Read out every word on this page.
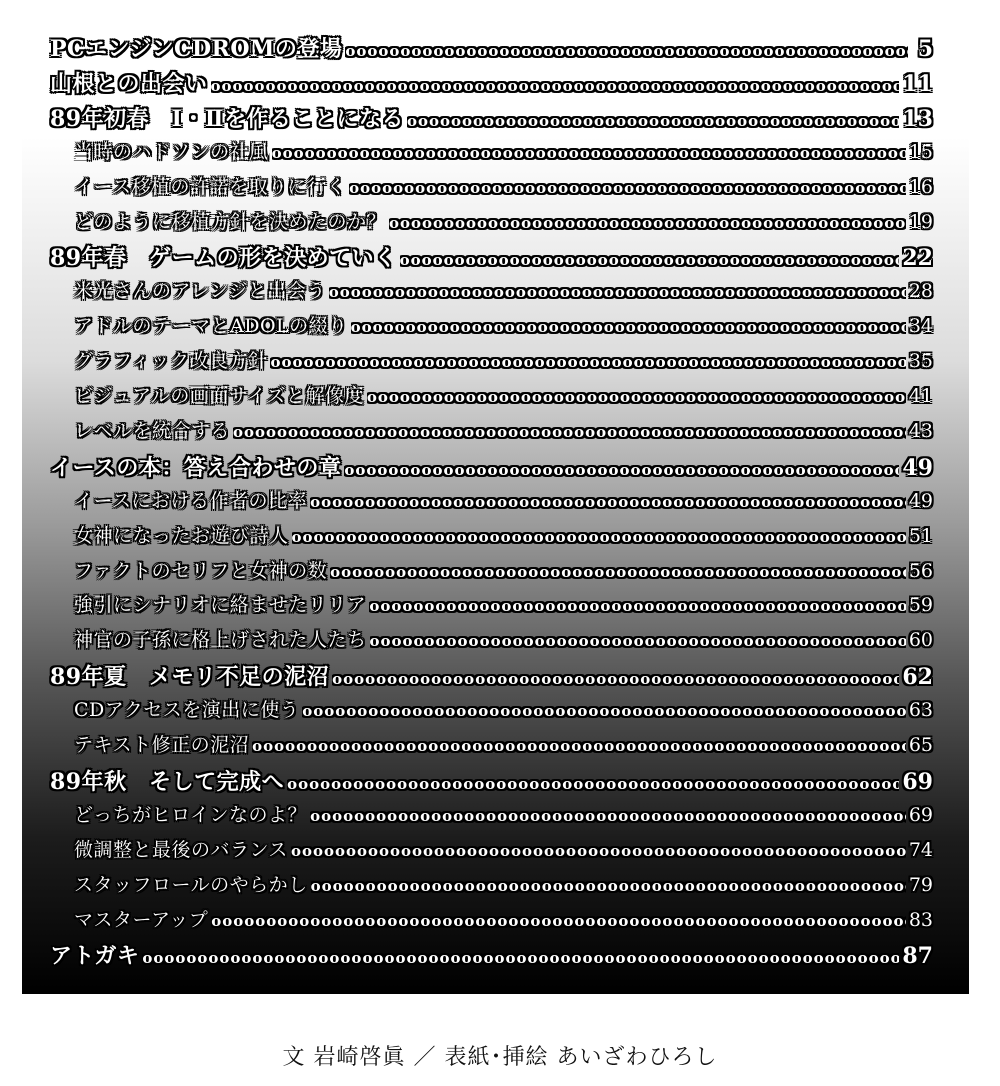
PCエンジンCDROMの登場 oooooooooooooooooooooooooooooooooooooooooooooooooooooooooooooooooooooooooooooooooooooooooooooooooooooooooooooooooooooooooooo	5
山根との出会い oooooooooooooooooooooooooooooooooooooooooooooooooooooooooooooooooooooooooooooooooooooooooooooooooooooooooooooooooooooooooooo	11
89年初春　Ⅰ・Ⅱを作ることになる oooooooooooooooooooooooooooooooooooooooooooooooooooooooooooooooooooooooooooooooooooooooooooooooooooooooooooooooooooooooooooo	13
当時のハドソンの社風 oooooooooooooooooooooooooooooooooooooooooooooooooooooooooooooooooooooooooooooooooooooooooooooooooooooooooooooooooooooooooooo	15
イース移植の許諾を取りに行く oooooooooooooooooooooooooooooooooooooooooooooooooooooooooooooooooooooooooooooooooooooooooooooooooooooooooooooooooooooooooooo	16
どのように移植方針を決めたのか？ oooooooooooooooooooooooooooooooooooooooooooooooooooooooooooooooooooooooooooooooooooooooooooooooooooooooooooooooooooooooooooo	19
89年春　ゲームの形を決めていく oooooooooooooooooooooooooooooooooooooooooooooooooooooooooooooooooooooooooooooooooooooooooooooooooooooooooooooooooooooooooooo	22
米光さんのアレンジと出会う oooooooooooooooooooooooooooooooooooooooooooooooooooooooooooooooooooooooooooooooooooooooooooooooooooooooooooooooooooooooooooo	28
アドルのテーマとADOLの綴り oooooooooooooooooooooooooooooooooooooooooooooooooooooooooooooooooooooooooooooooooooooooooooooooooooooooooooooooooooooooooooo	34
グラフィック改良方針 oooooooooooooooooooooooooooooooooooooooooooooooooooooooooooooooooooooooooooooooooooooooooooooooooooooooooooooooooooooooooooo	35
ビジュアルの画面サイズと解像度 oooooooooooooooooooooooooooooooooooooooooooooooooooooooooooooooooooooooooooooooooooooooooooooooooooooooooooooooooooooooooooo	41
レベルを統合する oooooooooooooooooooooooooooooooooooooooooooooooooooooooooooooooooooooooooooooooooooooooooooooooooooooooooooooooooooooooooooo	43
イースの本：答え合わせの章 oooooooooooooooooooooooooooooooooooooooooooooooooooooooooooooooooooooooooooooooooooooooooooooooooooooooooooooooooooooooooooo	49
イースにおける作者の比率 oooooooooooooooooooooooooooooooooooooooooooooooooooooooooooooooooooooooooooooooooooooooooooooooooooooooooooooooooooooooooooo	49
女神になったお遊び詩人 oooooooooooooooooooooooooooooooooooooooooooooooooooooooooooooooooooooooooooooooooooooooooooooooooooooooooooooooooooooooooooo	51
ファクトのセリフと女神の数 oooooooooooooooooooooooooooooooooooooooooooooooooooooooooooooooooooooooooooooooooooooooooooooooooooooooooooooooooooooooooooo	56
強引にシナリオに絡ませたリリア oooooooooooooooooooooooooooooooooooooooooooooooooooooooooooooooooooooooooooooooooooooooooooooooooooooooooooooooooooooooooooo	59
神官の子孫に格上げされた人たち oooooooooooooooooooooooooooooooooooooooooooooooooooooooooooooooooooooooooooooooooooooooooooooooooooooooooooooooooooooooooooo	60
89年夏　メモリ不足の泥沼 oooooooooooooooooooooooooooooooooooooooooooooooooooooooooooooooooooooooooooooooooooooooooooooooooooooooooooooooooooooooooooo	62
CDアクセスを演出に使う oooooooooooooooooooooooooooooooooooooooooooooooooooooooooooooooooooooooooooooooooooooooooooooooooooooooooooooooooooooooooooo	63
テキスト修正の泥沼 oooooooooooooooooooooooooooooooooooooooooooooooooooooooooooooooooooooooooooooooooooooooooooooooooooooooooooooooooooooooooooo	65
89年秋　そして完成へ oooooooooooooooooooooooooooooooooooooooooooooooooooooooooooooooooooooooooooooooooooooooooooooooooooooooooooooooooooooooooooo	69
どっちがヒロインなのよ？ oooooooooooooooooooooooooooooooooooooooooooooooooooooooooooooooooooooooooooooooooooooooooooooooooooooooooooooooooooooooooooo	69
微調整と最後のバランス oooooooooooooooooooooooooooooooooooooooooooooooooooooooooooooooooooooooooooooooooooooooooooooooooooooooooooooooooooooooooooo	74
スタッフロールのやらかし oooooooooooooooooooooooooooooooooooooooooooooooooooooooooooooooooooooooooooooooooooooooooooooooooooooooooooooooooooooooooooo	79
マスターアップ oooooooooooooooooooooooooooooooooooooooooooooooooooooooooooooooooooooooooooooooooooooooooooooooooooooooooooooooooooooooooooo	83
アトガキ oooooooooooooooooooooooooooooooooooooooooooooooooooooooooooooooooooooooooooooooooooooooooooooooooooooooooooooooooooooooooooo	87
文 岩崎啓眞 ／ 表紙･挿絵 あいざわひろし
